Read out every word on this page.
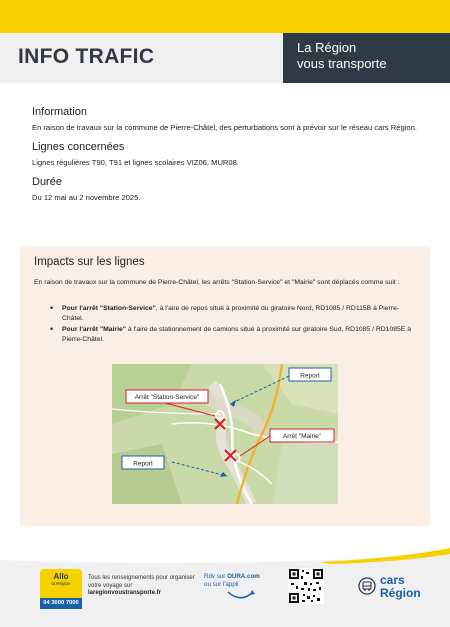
INFO TRAFIC	La Région
vous transporte
Information
En raison de travaux sur la commune de Pierre-Châtel, des perturbations sont à prévoir sur le réseau cars Région.
Lignes concernées
Lignes régulières T90, T91 et lignes scolaires VIZ06, MUR08.
Durée
Du 12 mai au 2 novembre 2025.
Impacts sur les lignes
En raison de travaux sur la commune de Pierre-Châtel, les arrêts "Station-Service" et "Mairie" sont déplacés comme suit :
• Pour l'arrêt "Station-Service", à l'aire de repos situé à proximité du giratoire Nord, RD1085 / RD115B à Pierre-Châtel.
• Pour l'arrêt "Mairie" à l'aire de stationnement de camions situé à proximité sur giratoire Sud, RD1085 / RD1085E à Pierre-Châtel.
Report
Arrêt "Station-Service"
Arrêt "Mairie"
Report
Allo
la Région
04 3000 7000
Tous les renseignements pour organiser votre voyage sur
laregionvoustransporte.fr
Rdv sur OURA.com
ou sur l'appli	cars
Région
